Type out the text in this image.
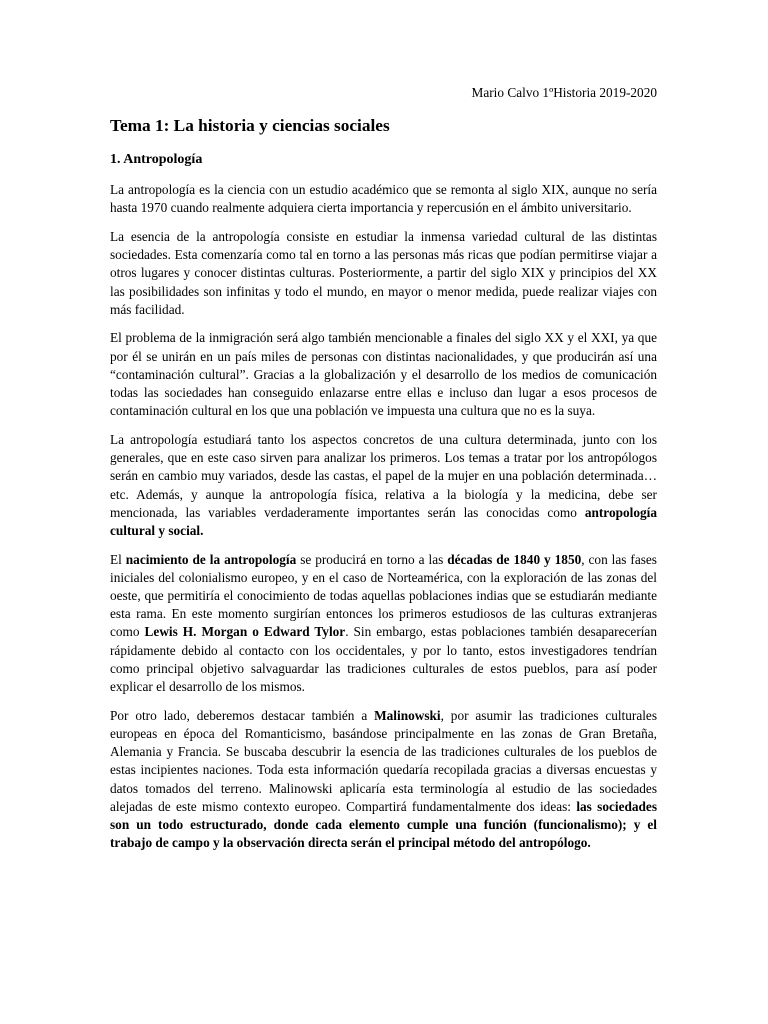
Mario Calvo 1ºHistoria 2019-2020
Tema 1: La historia y ciencias sociales
1. Antropología

La antropología es la ciencia con un estudio académico que se remonta al siglo XIX, aunque no sería hasta 1970 cuando realmente adquiera cierta importancia y repercusión en el ámbito universitario.

La esencia de la antropología consiste en estudiar la inmensa variedad cultural de las distintas sociedades. Esta comenzaría como tal en torno a las personas más ricas que podían permitirse viajar a otros lugares y conocer distintas culturas. Posteriormente, a partir del siglo XIX y principios del XX las posibilidades son infinitas y todo el mundo, en mayor o menor medida, puede realizar viajes con más facilidad.

El problema de la inmigración será algo también mencionable a finales del siglo XX y el XXI, ya que por él se unirán en un país miles de personas con distintas nacionalidades, y que producirán así una “contaminación cultural”. Gracias a la globalización y el desarrollo de los medios de comunicación todas las sociedades han conseguido enlazarse entre ellas e incluso dan lugar a esos procesos de contaminación cultural en los que una población ve impuesta una cultura que no es la suya.

La antropología estudiará tanto los aspectos concretos de una cultura determinada, junto con los generales, que en este caso sirven para analizar los primeros. Los temas a tratar por los antropólogos serán en cambio muy variados, desde las castas, el papel de la mujer en una población determinada…etc. Además, y aunque la antropología física, relativa a la biología y la medicina, debe ser mencionada, las variables verdaderamente importantes serán las conocidas como antropología cultural y social.

El nacimiento de la antropología se producirá en torno a las décadas de 1840 y 1850, con las fases iniciales del colonialismo europeo, y en el caso de Norteamérica, con la exploración de las zonas del oeste, que permitiría el conocimiento de todas aquellas poblaciones indias que se estudiarán mediante esta rama. En este momento surgirían entonces los primeros estudiosos de las culturas extranjeras como Lewis H. Morgan o Edward Tylor. Sin embargo, estas poblaciones también desaparecerían rápidamente debido al contacto con los occidentales, y por lo tanto, estos investigadores tendrían como principal objetivo salvaguardar las tradiciones culturales de estos pueblos, para así poder explicar el desarrollo de los mismos.

Por otro lado, deberemos destacar también a Malinowski, por asumir las tradiciones culturales europeas en época del Romanticismo, basándose principalmente en las zonas de Gran Bretaña, Alemania y Francia. Se buscaba descubrir la esencia de las tradiciones culturales de los pueblos de estas incipientes naciones. Toda esta información quedaría recopilada gracias a diversas encuestas y datos tomados del terreno. Malinowski aplicaría esta terminología al estudio de las sociedades alejadas de este mismo contexto europeo. Compartirá fundamentalmente dos ideas: las sociedades son un todo estructurado, donde cada elemento cumple una función (funcionalismo); y el trabajo de campo y la observación directa serán el principal método del antropólogo.
